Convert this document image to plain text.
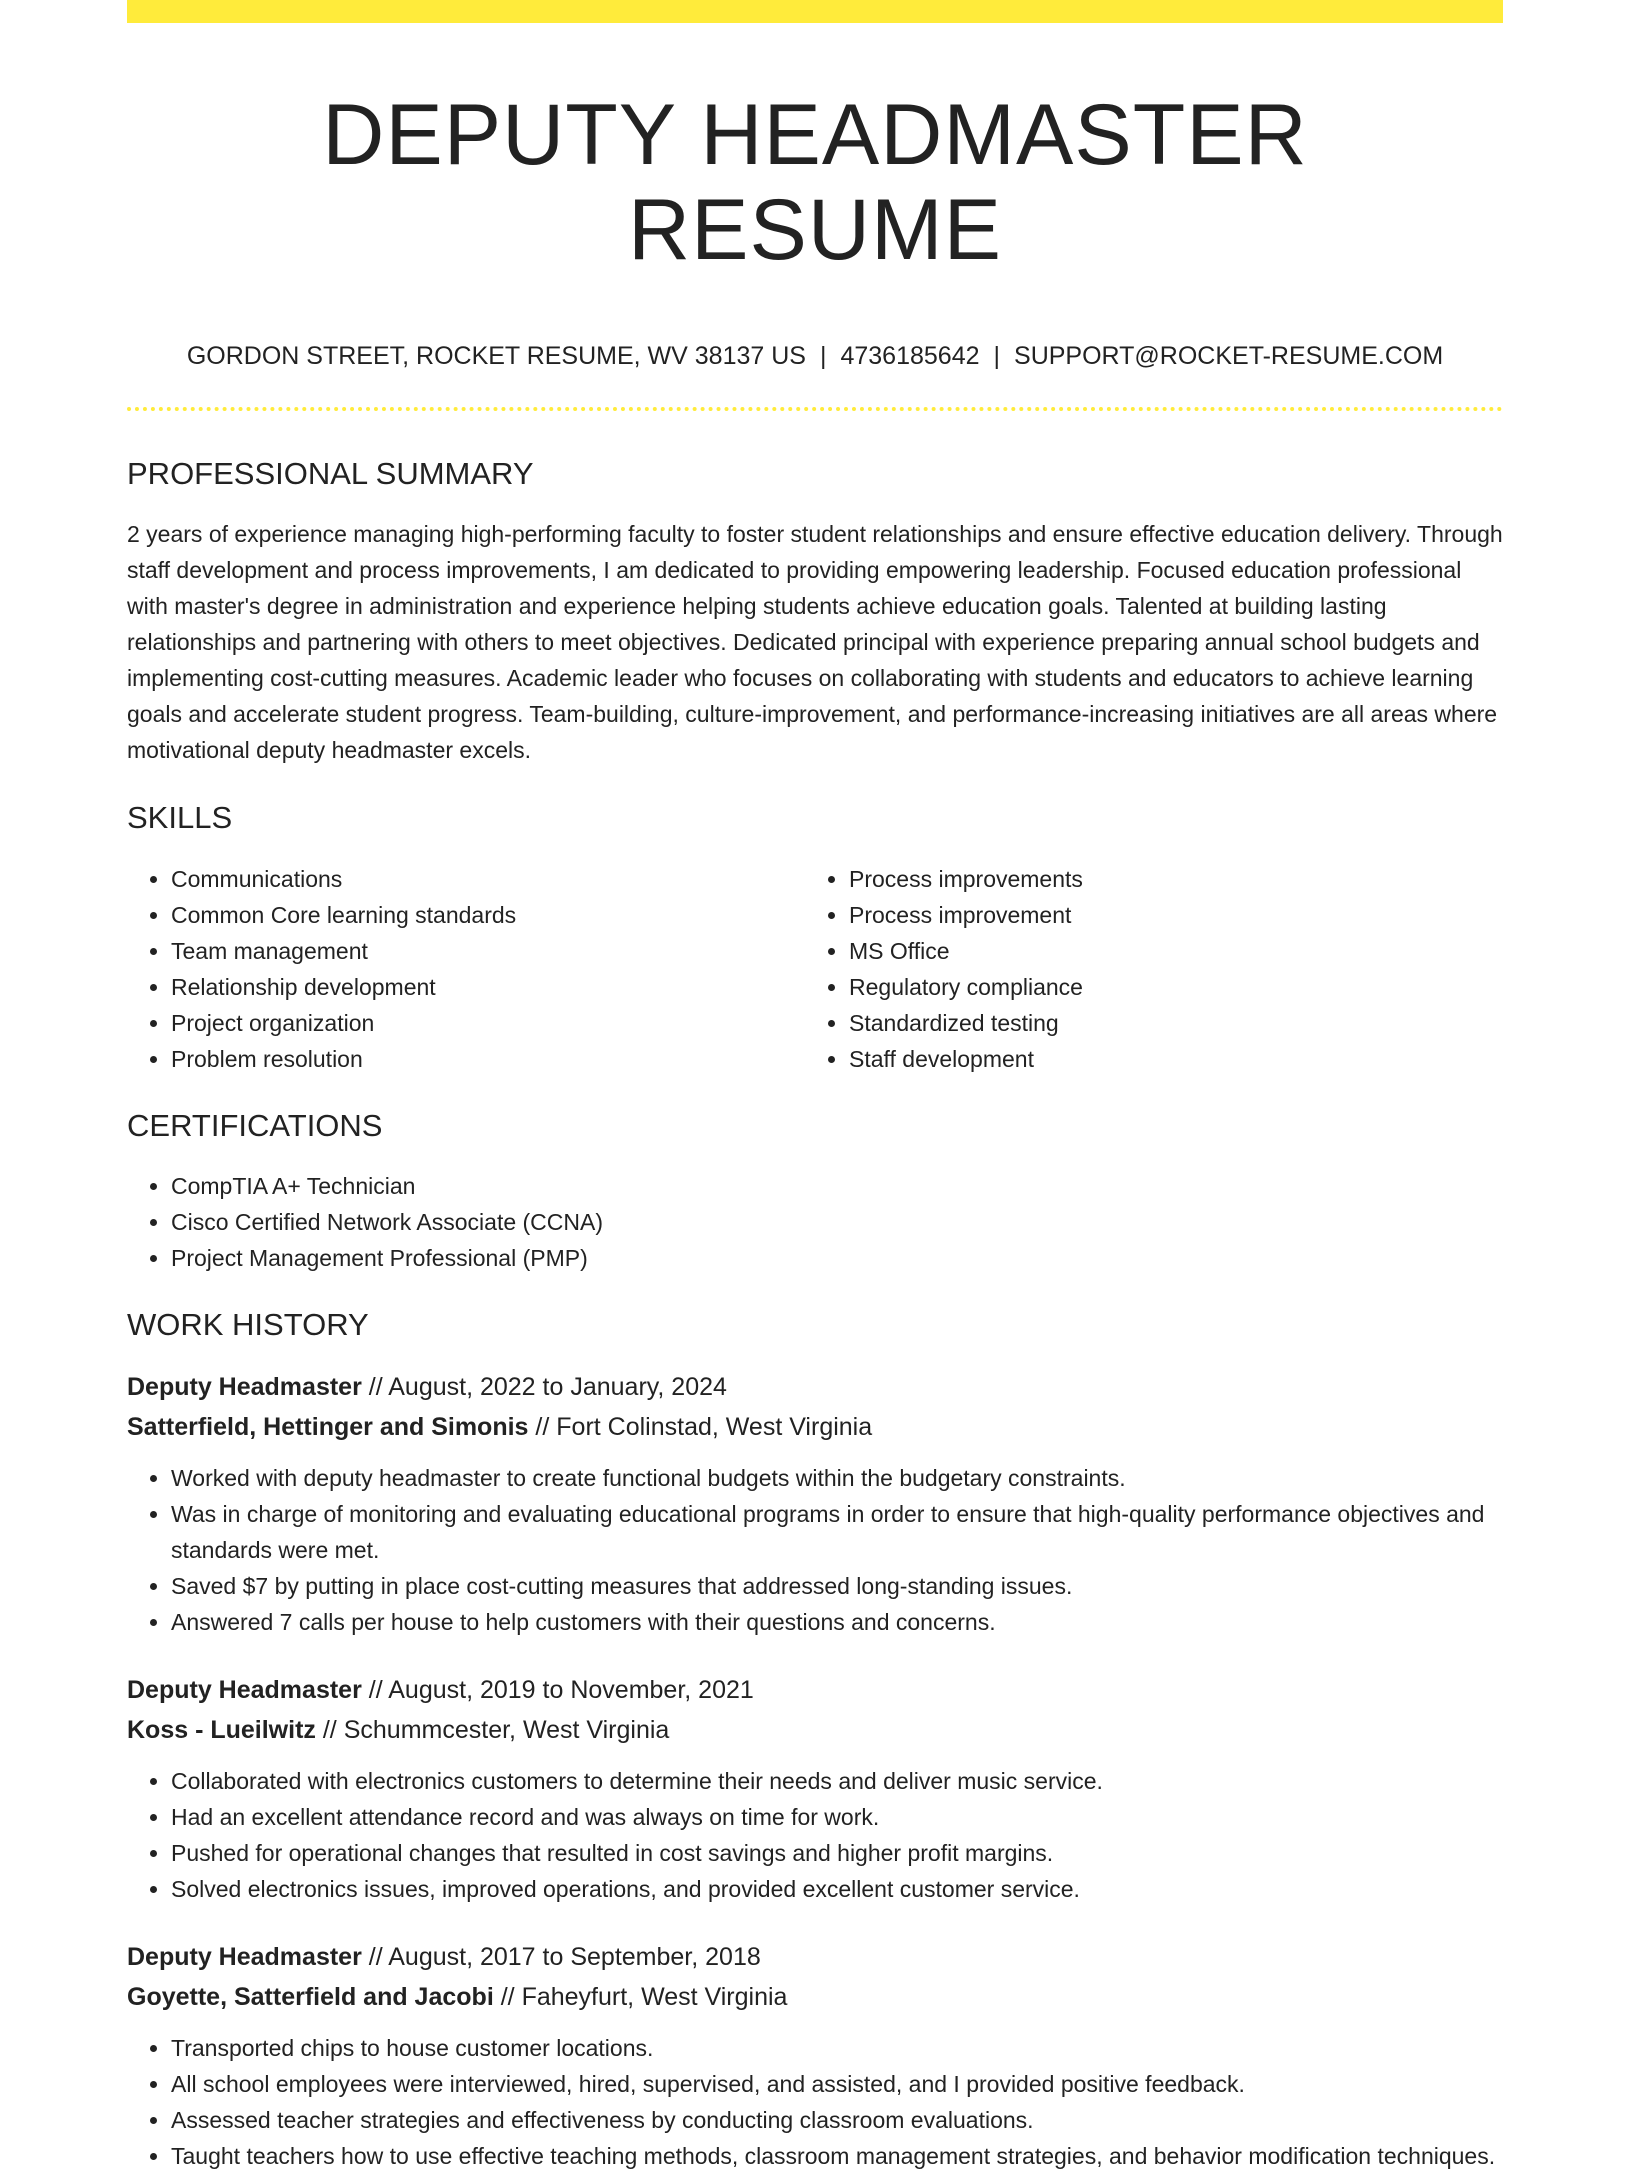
DEPUTY HEADMASTER RESUME
GORDON STREET, ROCKET RESUME, WV 38137 US | 4736185642 | SUPPORT@ROCKET-RESUME.COM
PROFESSIONAL SUMMARY

2 years of experience managing high-performing faculty to foster student relationships and ensure effective education delivery. Through staff development and process improvements, I am dedicated to providing empowering leadership. Focused education professional with master's degree in administration and experience helping students achieve education goals. Talented at building lasting relationships and partnering with others to meet objectives. Dedicated principal with experience preparing annual school budgets and implementing cost-cutting measures. Academic leader who focuses on collaborating with students and educators to achieve learning goals and accelerate student progress. Team-building, culture-improvement, and performance-increasing initiatives are all areas where motivational deputy headmaster excels.

SKILLS
• Communications
• Common Core learning standards
• Team management
• Relationship development
• Project organization
• Problem resolution
• Process improvements
• Process improvement
• MS Office
• Regulatory compliance
• Standardized testing
• Staff development
CERTIFICATIONS
• CompTIA A+ Technician
• Cisco Certified Network Associate (CCNA)
• Project Management Professional (PMP)
WORK HISTORY
Deputy Headmaster // August, 2022 to January, 2024
Satterfield, Hettinger and Simonis // Fort Colinstad, West Virginia
• Worked with deputy headmaster to create functional budgets within the budgetary constraints.
• Was in charge of monitoring and evaluating educational programs in order to ensure that high-quality performance objectives and standards were met.
• Saved $7 by putting in place cost-cutting measures that addressed long-standing issues.
• Answered 7 calls per house to help customers with their questions and concerns.
Deputy Headmaster // August, 2019 to November, 2021
Koss - Lueilwitz // Schummcester, West Virginia
• Collaborated with electronics customers to determine their needs and deliver music service.
• Had an excellent attendance record and was always on time for work.
• Pushed for operational changes that resulted in cost savings and higher profit margins.
• Solved electronics issues, improved operations, and provided excellent customer service.
Deputy Headmaster // August, 2017 to September, 2018
Goyette, Satterfield and Jacobi // Faheyfurt, West Virginia
• Transported chips to house customer locations.
• All school employees were interviewed, hired, supervised, and assisted, and I provided positive feedback.
• Assessed teacher strategies and effectiveness by conducting classroom evaluations.
• Taught teachers how to use effective teaching methods, classroom management strategies, and behavior modification techniques.
